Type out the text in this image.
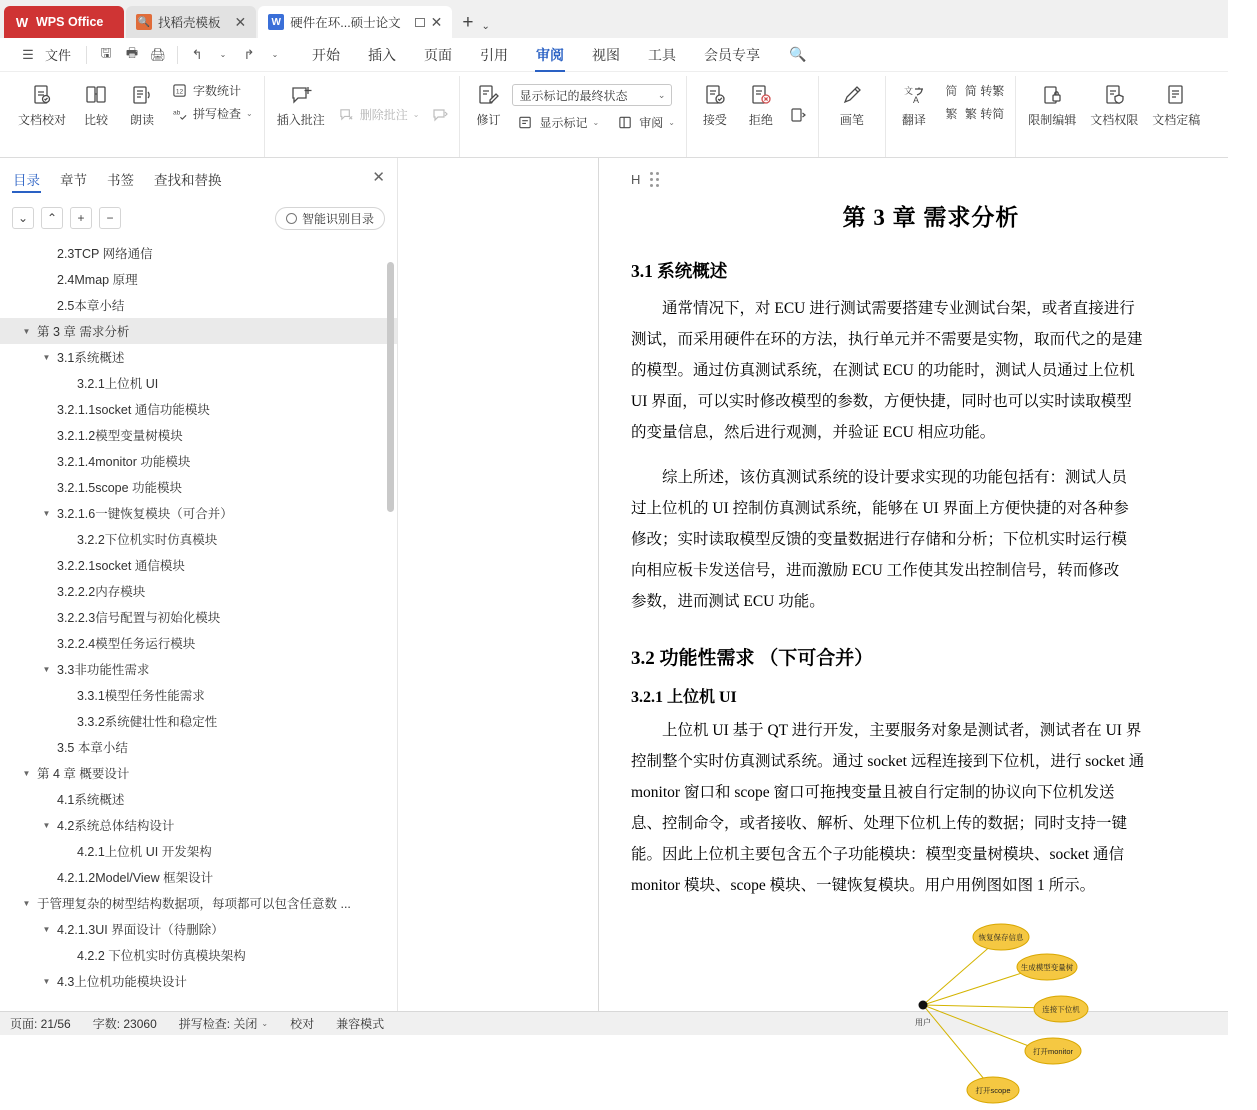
W WPS Office	🔍 找稻壳模板 ✕	W 硬件在环...硕士论文 ✕	+ ⌄
☰ 文件	🖫	🖶 🖨	↰	⌄	↱	⌄	开始	插入	页面	引用	审阅	视图	工具	会员专享	🔍
文档校对 比较 朗读
12 字数统计
ab 拼写检查 ⌄ 插入批注	删除批注 ⌄	修订
显示标记的最终状态	⌄
显示标记 ⌄	审阅 ⌄ 接受 拒绝	画笔
文
A
翻译
简 简 转繁
繁 繁 转简 限制编辑 文档权限 文档定稿
目录 章节 书签 查找和替换	✕
⌄	⌃	+	−	智能识别目录
2.3TCP 网络通信
2.4Mmap 原理
2.5本章小结
▼ 第 3 章 需求分析
▼ 3.1系统概述
3.2.1上位机 UI
3.2.1.1socket 通信功能模块
3.2.1.2模型变量树模块
3.2.1.4monitor 功能模块
3.2.1.5scope 功能模块
▼ 3.2.1.6一键恢复模块（可合并）
3.2.2下位机实时仿真模块
3.2.2.1socket 通信模块
3.2.2.2内存模块
3.2.2.3信号配置与初始化模块
3.2.2.4模型任务运行模块
▼ 3.3非功能性需求
3.3.1模型任务性能需求
3.3.2系统健壮性和稳定性
3.5 本章小结
▼ 第 4 章 概要设计
4.1系统概述
▼ 4.2系统总体结构设计
4.2.1上位机 UI 开发架构
4.2.1.2Model/View 框架设计
▼ 于管理复杂的树型结构数据项，每项都可以包含任意数 ...
▼ 4.2.1.3UI 界面设计（待删除）
4.2.2 下位机实时仿真模块架构
▼ 4.3上位机功能模块设计
H
第 3 章 需求分析
3.1 系统概述
通常情况下，对 ECU 进行测试需要搭建专业测试台架，或者直接进行
测试，而采用硬件在环的方法，执行单元并不需要是实物，取而代之的是建
的模型。通过仿真测试系统，在测试 ECU 的功能时，测试人员通过上位机
UI 界面，可以实时修改模型的参数，方便快捷，同时也可以实时读取模型
的变量信息，然后进行观测，并验证 ECU 相应功能。
综上所述，该仿真测试系统的设计要求实现的功能包括有：测试人员
过上位机的 UI 控制仿真测试系统，能够在 UI 界面上方便快捷的对各种参
修改；实时读取模型反馈的变量数据进行存储和分析；下位机实时运行模
向相应板卡发送信号，进而激励 ECU 工作使其发出控制信号，转而修改
参数，进而测试 ECU 功能。
3.2 功能性需求 （下可合并）
3.2.1 上位机 UI
上位机 UI 基于 QT 进行开发，主要服务对象是测试者，测试者在 UI 界
控制整个实时仿真测试系统。通过 socket 远程连接到下位机，进行 socket 通
monitor 窗口和 scope 窗口可拖拽变量且被自行定制的协议向下位机发送
息、控制命令，或者接收、解析、处理下位机上传的数据；同时支持一键
能。因此上位机主要包含五个子功能模块：模型变量树模块、socket 通信
monitor 模块、scope 模块、一键恢复模块。用户用例图如图 1 所示。
用户
恢复保存信息
生成模型变量树
连接下位机
打开monitor
打开scope
页面: 21/56 字数: 23060 拼写检查: 关闭 ⌄ 校对 兼容模式
